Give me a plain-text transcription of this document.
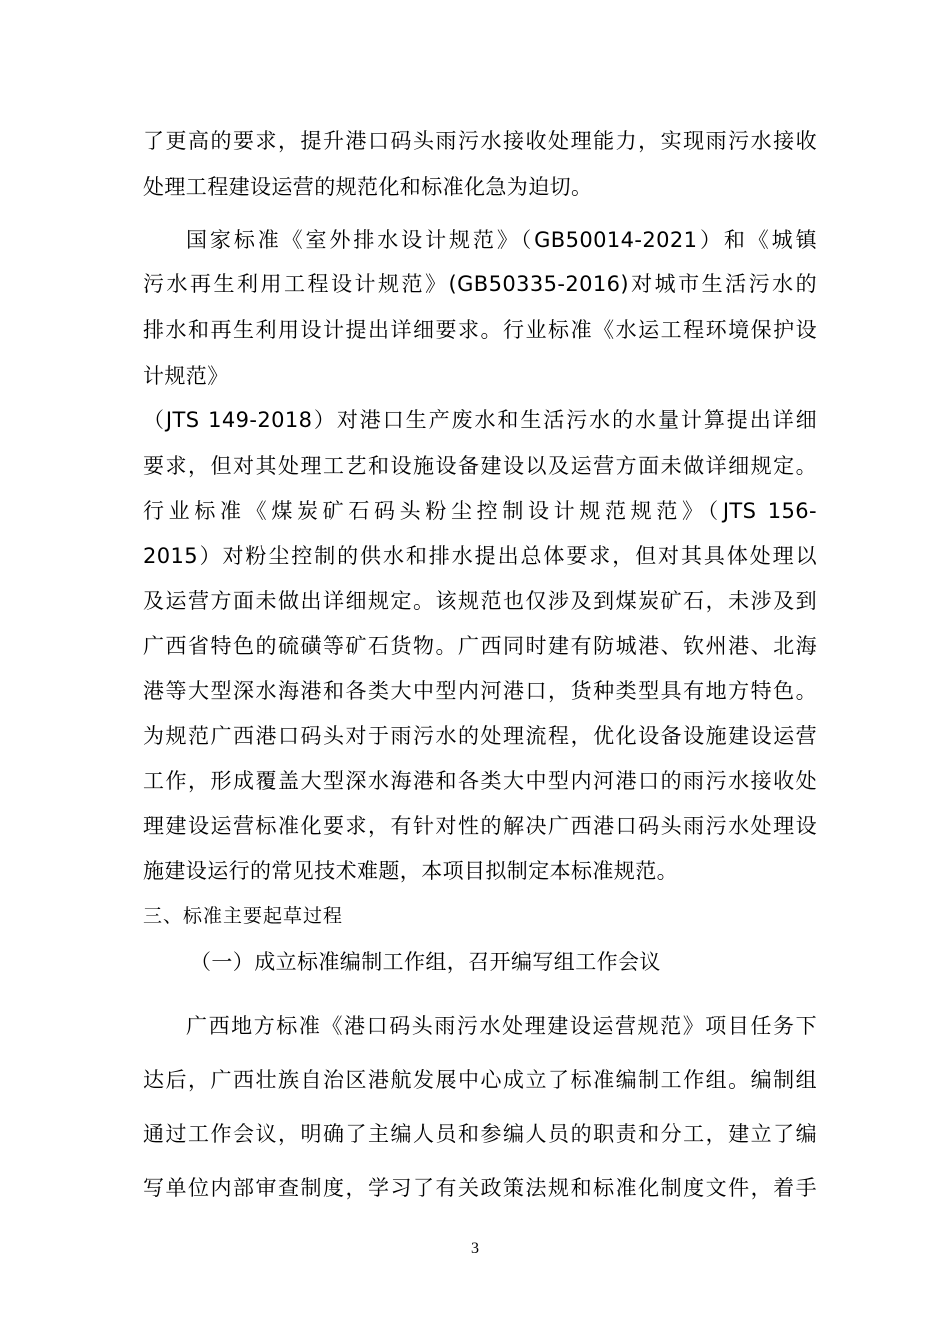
了更高的要求，提升港口码头雨污水接收处理能力，实现雨污水接收
处理工程建设运营的规范化和标准化急为迫切。
国家标准《室外排水设计规范》（GB50014-2021）和《城镇
污水再生利用工程设计规范》(GB50335-2016)对城市生活污水的
排水和再生利用设计提出详细要求。行业标准《水运工程环境保护设
计规范》
（JTS 149-2018）对港口生产废水和生活污水的水量计算提出详细
要求，但对其处理工艺和设施设备建设以及运营方面未做详细规定。
行业标准《煤炭矿石码头粉尘控制设计规范规范》（JTS 156-
2015）对粉尘控制的供水和排水提出总体要求，但对其具体处理以
及运营方面未做出详细规定。该规范也仅涉及到煤炭矿石，未涉及到
广西省特色的硫磺等矿石货物。广西同时建有防城港、钦州港、北海
港等大型深水海港和各类大中型内河港口，货种类型具有地方特色。
为规范广西港口码头对于雨污水的处理流程，优化设备设施建设运营
工作，形成覆盖大型深水海港和各类大中型内河港口的雨污水接收处
理建设运营标准化要求，有针对性的解决广西港口码头雨污水处理设
施建设运行的常见技术难题，本项目拟制定本标准规范。
三、标准主要起草过程
（一）成立标准编制工作组，召开编写组工作会议
广西地方标准《港口码头雨污水处理建设运营规范》项目任务下
达后，广西壮族自治区港航发展中心成立了标准编制工作组。编制组
通过工作会议，明确了主编人员和参编人员的职责和分工，建立了编
写单位内部审查制度，学习了有关政策法规和标准化制度文件，着手
3
